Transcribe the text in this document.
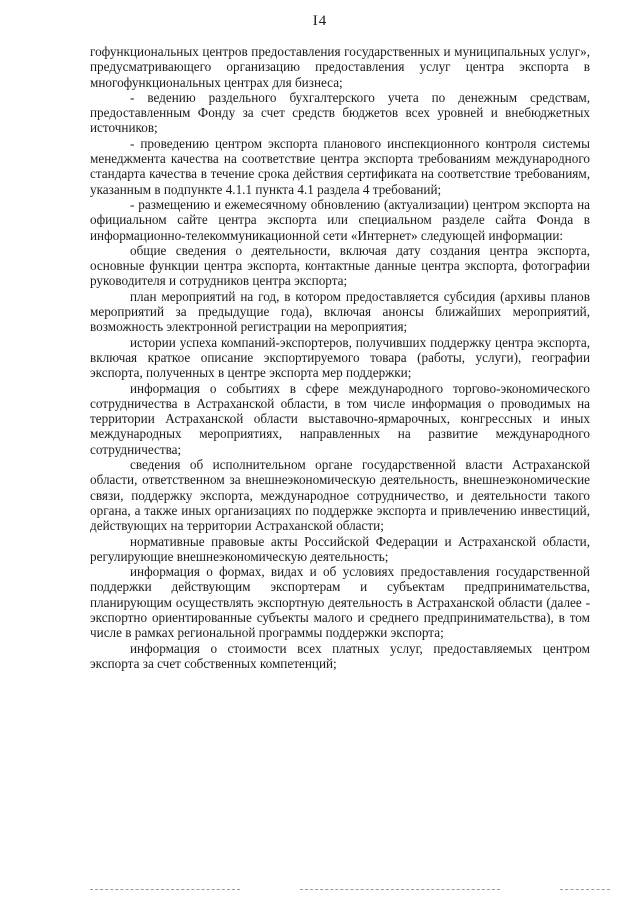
I4

гофункциональных центров предоставления государственных и муниципальных услуг», предусматривающего организацию предоставления услуг центра экспорта в многофункциональных центрах для бизнеса;

- ведению раздельного бухгалтерского учета по денежным средствам, предоставленным Фонду за счет средств бюджетов всех уровней и внебюджетных источников;

- проведению центром экспорта планового инспекционного контроля системы менеджмента качества на соответствие центра экспорта требованиям международного стандарта качества в течение срока действия сертификата на соответствие требованиям, указанным в подпункте 4.1.1 пункта 4.1 раздела 4 требований;

- размещению и ежемесячному обновлению (актуализации) центром экспорта на официальном сайте центра экспорта или специальном разделе сайта Фонда в информационно-телекоммуникационной сети «Интернет» следующей информации:

общие сведения о деятельности, включая дату создания центра экспорта, основные функции центра экспорта, контактные данные центра экспорта, фотографии руководителя и сотрудников центра экспорта;

план мероприятий на год, в котором предоставляется субсидия (архивы планов мероприятий за предыдущие года), включая анонсы ближайших мероприятий, возможность электронной регистрации на мероприятия;

истории успеха компаний-экспортеров, получивших поддержку центра экспорта, включая краткое описание экспортируемого товара (работы, услуги), географии экспорта, полученных в центре экспорта мер поддержки;

информация о событиях в сфере международного торгово-экономического сотрудничества в Астраханской области, в том числе информация о проводимых на территории Астраханской области выставочно-ярмарочных, конгрессных и иных международных мероприятиях, направленных на развитие международного сотрудничества;

сведения об исполнительном органе государственной власти Астраханской области, ответственном за внешнеэкономическую деятельность, внешнеэкономические связи, поддержку экспорта, международное сотрудничество, и деятельности такого органа, а также иных организациях по поддержке экспорта и привлечению инвестиций, действующих на территории Астраханской области;

нормативные правовые акты Российской Федерации и Астраханской области, регулирующие внешнеэкономическую деятельность;

информация о формах, видах и об условиях предоставления государственной поддержки действующим экспортерам и субъектам предпринимательства, планирующим осуществлять экспортную деятельность в Астраханской области (далее - экспортно ориентированные субъекты малого и среднего предпринимательства), в том числе в рамках региональной программы поддержки экспорта;

информация о стоимости всех платных услуг, предоставляемых центром экспорта за счет собственных компетенций;
